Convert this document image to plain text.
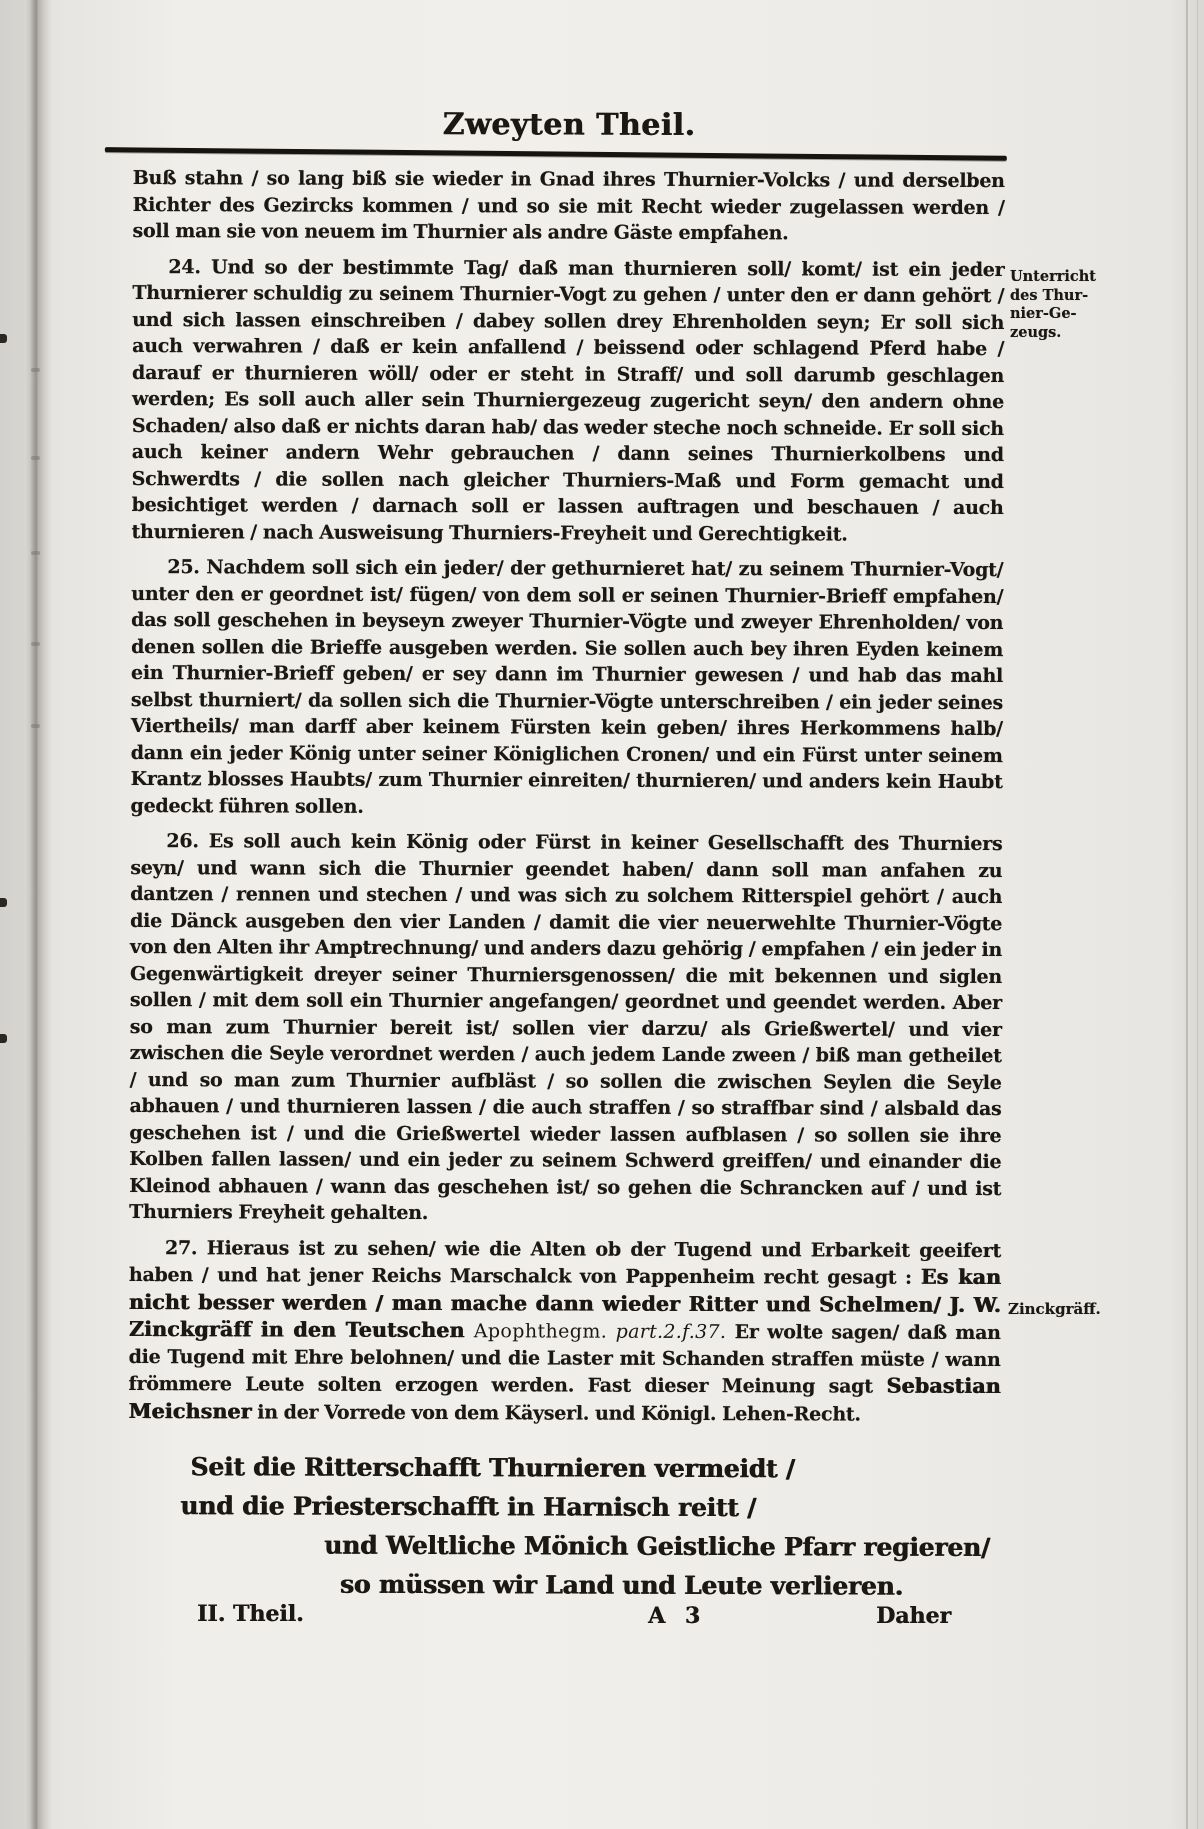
Zweyten Theil.

Buß stahn / so lang biß sie wieder in Gnad ihres Thurnier-Volcks / und derselben Richter des Gezircks kommen / und so sie mit Recht wieder zugelassen werden / soll man sie von neuem im Thurnier als andre Gäste empfahen.

24. Und so der bestimmte Tag/ daß man thurnieren soll/ komt/ ist ein jeder Thurnierer schuldig zu seinem Thurnier-Vogt zu gehen / unter den er dann gehört / und sich lassen einschreiben / dabey sollen drey Ehrenholden seyn; Er soll sich auch verwahren / daß er kein anfallend / beissend oder schlagend Pferd habe / darauf er thurnieren wöll/ oder er steht in Straff/ und soll darumb geschlagen werden; Es soll auch aller sein Thurniergezeug zugericht seyn/ den andern ohne Schaden/ also daß er nichts daran hab/ das weder steche noch schneide. Er soll sich auch keiner andern Wehr gebrauchen / dann seines Thurnierkolbens und Schwerdts / die sollen nach gleicher Thurniers-Maß und Form gemacht und besichtiget werden / darnach soll er lassen auftragen und beschauen / auch thurnieren / nach Ausweisung Thurniers-Freyheit und Gerechtigkeit.

25. Nachdem soll sich ein jeder/ der gethurnieret hat/ zu seinem Thurnier-Vogt/ unter den er geordnet ist/ fügen/ von dem soll er seinen Thurnier-Brieff empfahen/ das soll geschehen in beyseyn zweyer Thurnier-Vögte und zweyer Ehrenholden/ von denen sollen die Brieffe ausgeben werden. Sie sollen auch bey ihren Eyden keinem ein Thurnier-Brieff geben/ er sey dann im Thurnier gewesen / und hab das mahl selbst thurniert/ da sollen sich die Thurnier-Vögte unterschreiben / ein jeder seines Viertheils/ man darff aber keinem Fürsten kein geben/ ihres Herkommens halb/ dann ein jeder König unter seiner Königlichen Cronen/ und ein Fürst unter seinem Krantz blosses Haubts/ zum Thurnier einreiten/ thurnieren/ und anders kein Haubt gedeckt führen sollen.

26. Es soll auch kein König oder Fürst in keiner Gesellschafft des Thurniers seyn/ und wann sich die Thurnier geendet haben/ dann soll man anfahen zu dantzen / rennen und stechen / und was sich zu solchem Ritterspiel gehört / auch die Dänck ausgeben den vier Landen / damit die vier neuerwehlte Thurnier-Vögte von den Alten ihr Amptrechnung/ und anders dazu gehörig / empfahen / ein jeder in Gegenwärtigkeit dreyer seiner Thurniersgenossen/ die mit bekennen und siglen sollen / mit dem soll ein Thurnier angefangen/ geordnet und geendet werden. Aber so man zum Thurnier bereit ist/ sollen vier darzu/ als Grießwertel/ und vier zwischen die Seyle verordnet werden / auch jedem Lande zween / biß man getheilet / und so man zum Thurnier aufbläst / so sollen die zwischen Seylen die Seyle abhauen / und thurnieren lassen / die auch straffen / so straffbar sind / alsbald das geschehen ist / und die Grießwertel wieder lassen aufblasen / so sollen sie ihre Kolben fallen lassen/ und ein jeder zu seinem Schwerd greiffen/ und einander die Kleinod abhauen / wann das geschehen ist/ so gehen die Schrancken auf / und ist Thurniers Freyheit gehalten.

27. Hieraus ist zu sehen/ wie die Alten ob der Tugend und Erbarkeit geeifert haben / und hat jener Reichs Marschalck von Pappenheim recht gesagt : Es kan nicht besser werden / man mache dann wieder Ritter und Schelmen/ J. W. Zinckgräff in den Teutschen Apophthegm. part.2.f.37. Er wolte sagen/ daß man die Tugend mit Ehre belohnen/ und die Laster mit Schanden straffen müste / wann frömmere Leute solten erzogen werden. Fast dieser Meinung sagt Sebastian Meichsner in der Vorrede von dem Käyserl. und Königl. Lehen-Recht.

Seit die Ritterschafft Thurnieren vermeidt /
und die Priesterschafft in Harnisch reitt /
und Weltliche Mönich Geistliche Pfarr regieren/
so müssen wir Land und Leute verlieren.
Unterricht
des Thur-
nier-Ge-
zeugs.
Zinckgräff.
II. Theil.	A 3	Daher
